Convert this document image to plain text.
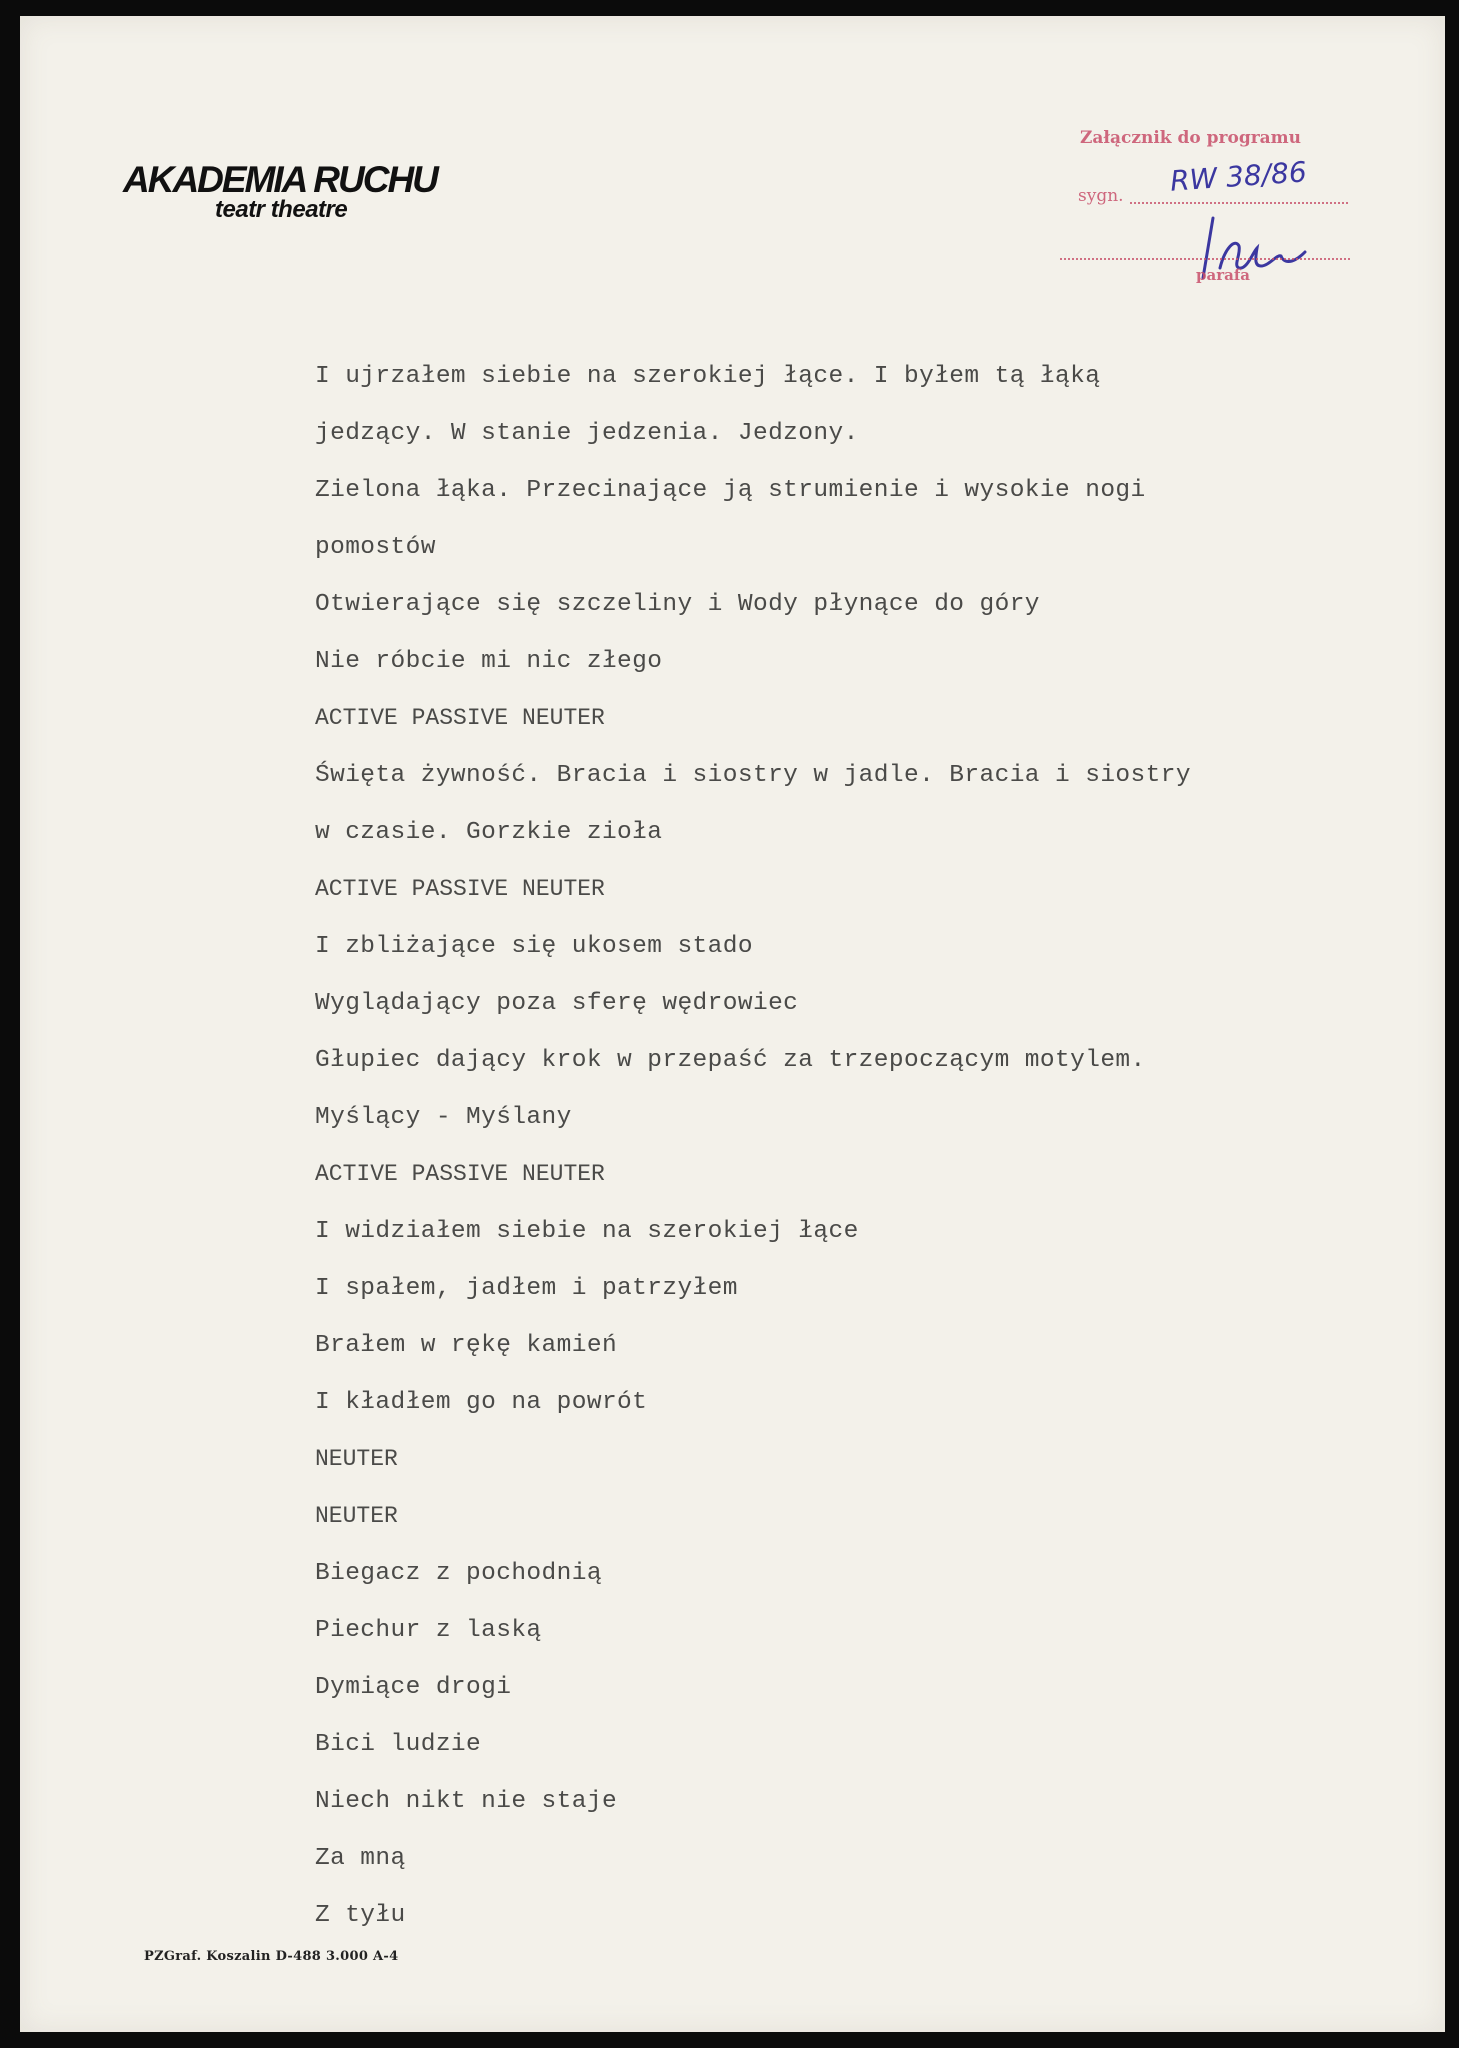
AKADEMIA RUCHU
teatr theatre
Załącznik do programu
sygn. RW 38/86
parafa
I ujrzałem siebie na szerokiej łące. I byłem tą łąką
jedzący. W stanie jedzenia. Jedzony.
Zielona łąka. Przecinające ją strumienie i wysokie nogi
pomostów
Otwierające się szczeliny i Wody płynące do góry
Nie róbcie mi nic złego
ACTIVE PASSIVE NEUTER
Święta żywność. Bracia i siostry w jadle. Bracia i siostry
w czasie. Gorzkie zioła
ACTIVE PASSIVE NEUTER
I zbliżające się ukosem stado
Wyglądający poza sferę wędrowiec
Głupiec dający krok w przepaść za trzepoczącym motylem.
Myślący - Myślany
ACTIVE PASSIVE NEUTER
I widziałem siebie na szerokiej łące
I spałem, jadłem i patrzyłem
Brałem w rękę kamień
I kładłem go na powrót
NEUTER
NEUTER
Biegacz z pochodnią
Piechur z laską
Dymiące drogi
Bici ludzie
Niech nikt nie staje
Za mną
Z tyłu
PZGraf. Koszalin D-488 3.000 A-4
